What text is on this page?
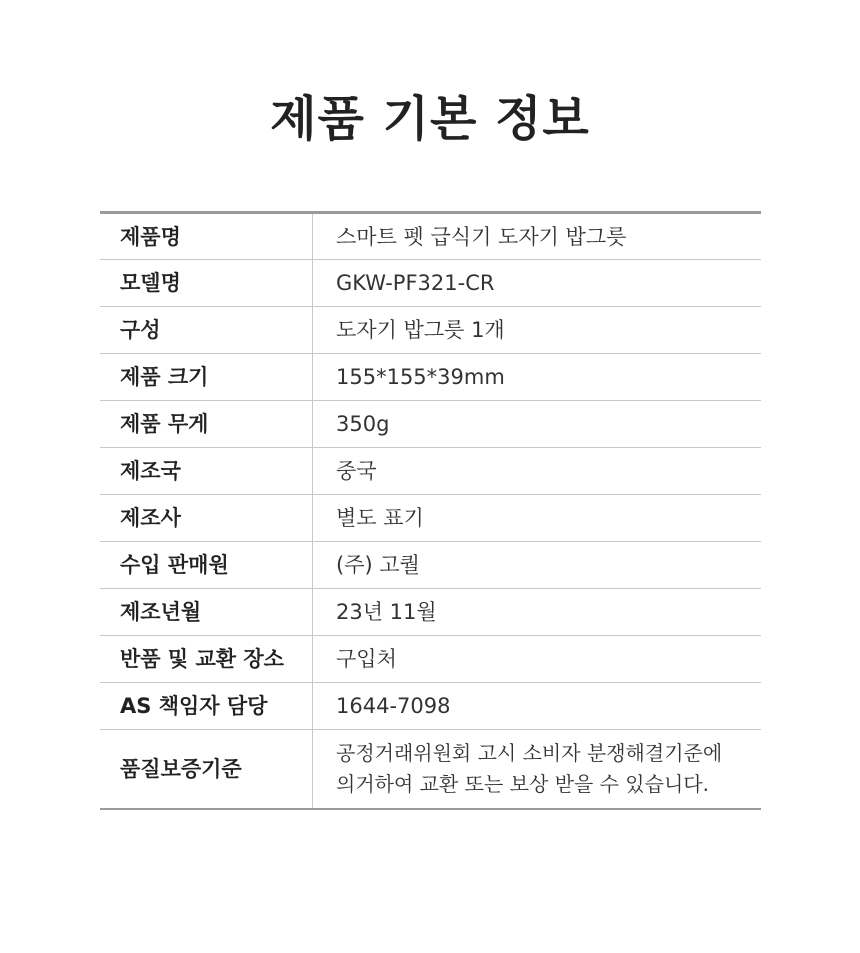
제품 기본 정보
제품명	스마트 펫 급식기 도자기 밥그릇
모델명	GKW-PF321-CR
구성	도자기 밥그릇 1개
제품 크기	155*155*39mm
제품 무게	350g
제조국	중국
제조사	별도 표기
수입 판매원	(주) 고퀄
제조년월	23년 11월
반품 및 교환 장소	구입처
AS 책임자 담당	1644-7098
품질보증기준	공정거래위원회 고시 소비자 분쟁해결기준에
의거하여 교환 또는 보상 받을 수 있습니다.
